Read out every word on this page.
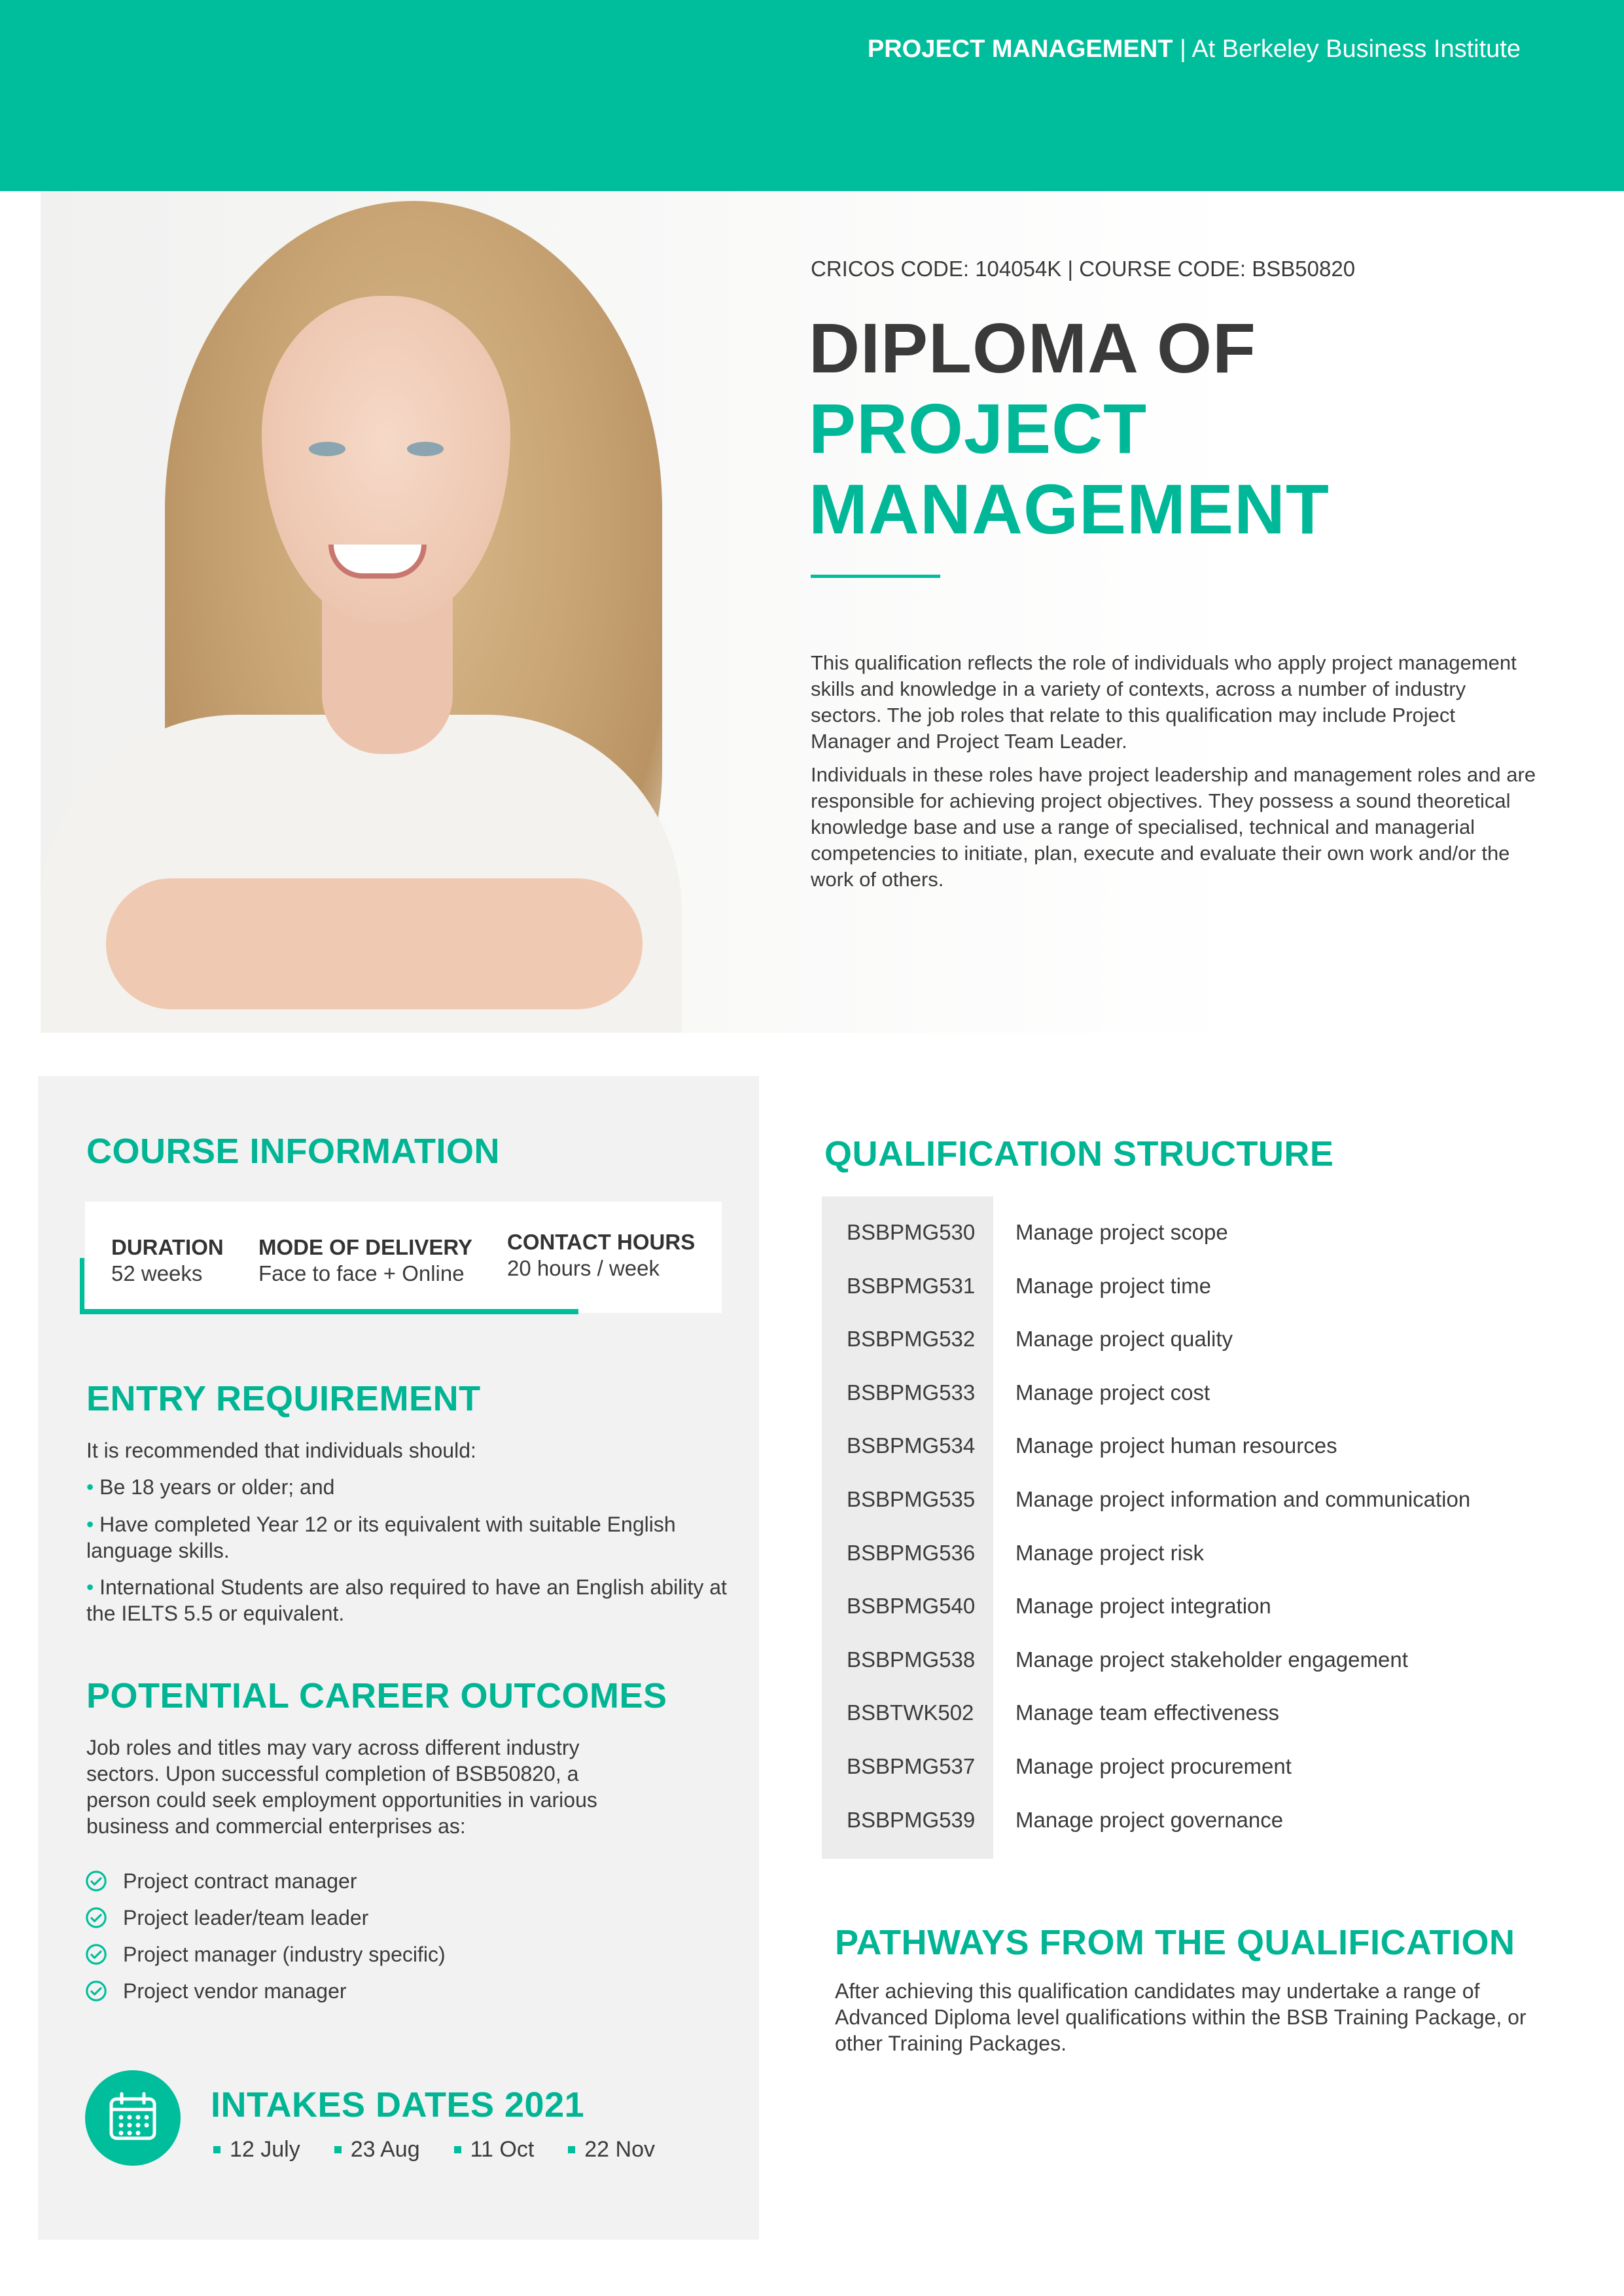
PROJECT MANAGEMENT | At Berkeley Business Institute
CRICOS CODE: 104054K | COURSE CODE: BSB50820
DIPLOMA OF
PROJECT
MANAGEMENT

This qualification reflects the role of individuals who apply project management skills and knowledge in a variety of contexts, across a number of industry sectors. The job roles that relate to this qualification may include Project Manager and Project Team Leader.

Individuals in these roles have project leadership and management roles and are responsible for achieving project objectives. They possess a sound theoretical knowledge base and use a range of specialised, technical and managerial competencies to initiate, plan, execute and evaluate their own work and/or the work of others.

COURSE INFORMATION
DURATION
52 weeks
MODE OF DELIVERY
Face to face + Online
CONTACT HOURS
20 hours / week
ENTRY REQUIREMENT
It is recommended that individuals should:
• Be 18 years or older; and
• Have completed Year 12 or its equivalent with suitable English language skills.
• International Students are also required to have an English ability at the IELTS 5.5 or equivalent.
POTENTIAL CAREER OUTCOMES
Job roles and titles may vary across different industry sectors. Upon successful completion of BSB50820, a person could seek employment opportunities in various business and commercial enterprises as:
Project contract manager
Project leader/team leader
Project manager (industry specific)
Project vendor manager
INTAKES DATES 2021
12 July 23 Aug 11 Oct 22 Nov
QUALIFICATION STRUCTURE
BSBPMG530	Manage project scope
BSBPMG531	Manage project time
BSBPMG532	Manage project quality
BSBPMG533	Manage project cost
BSBPMG534	Manage project human resources
BSBPMG535	Manage project information and communication
BSBPMG536	Manage project risk
BSBPMG540	Manage project integration
BSBPMG538	Manage project stakeholder engagement
BSBTWK502	Manage team effectiveness
BSBPMG537	Manage project procurement
BSBPMG539	Manage project governance
PATHWAYS FROM THE QUALIFICATION
After achieving this qualification candidates may undertake a range of Advanced Diploma level qualifications within the BSB Training Package, or other Training Packages.
